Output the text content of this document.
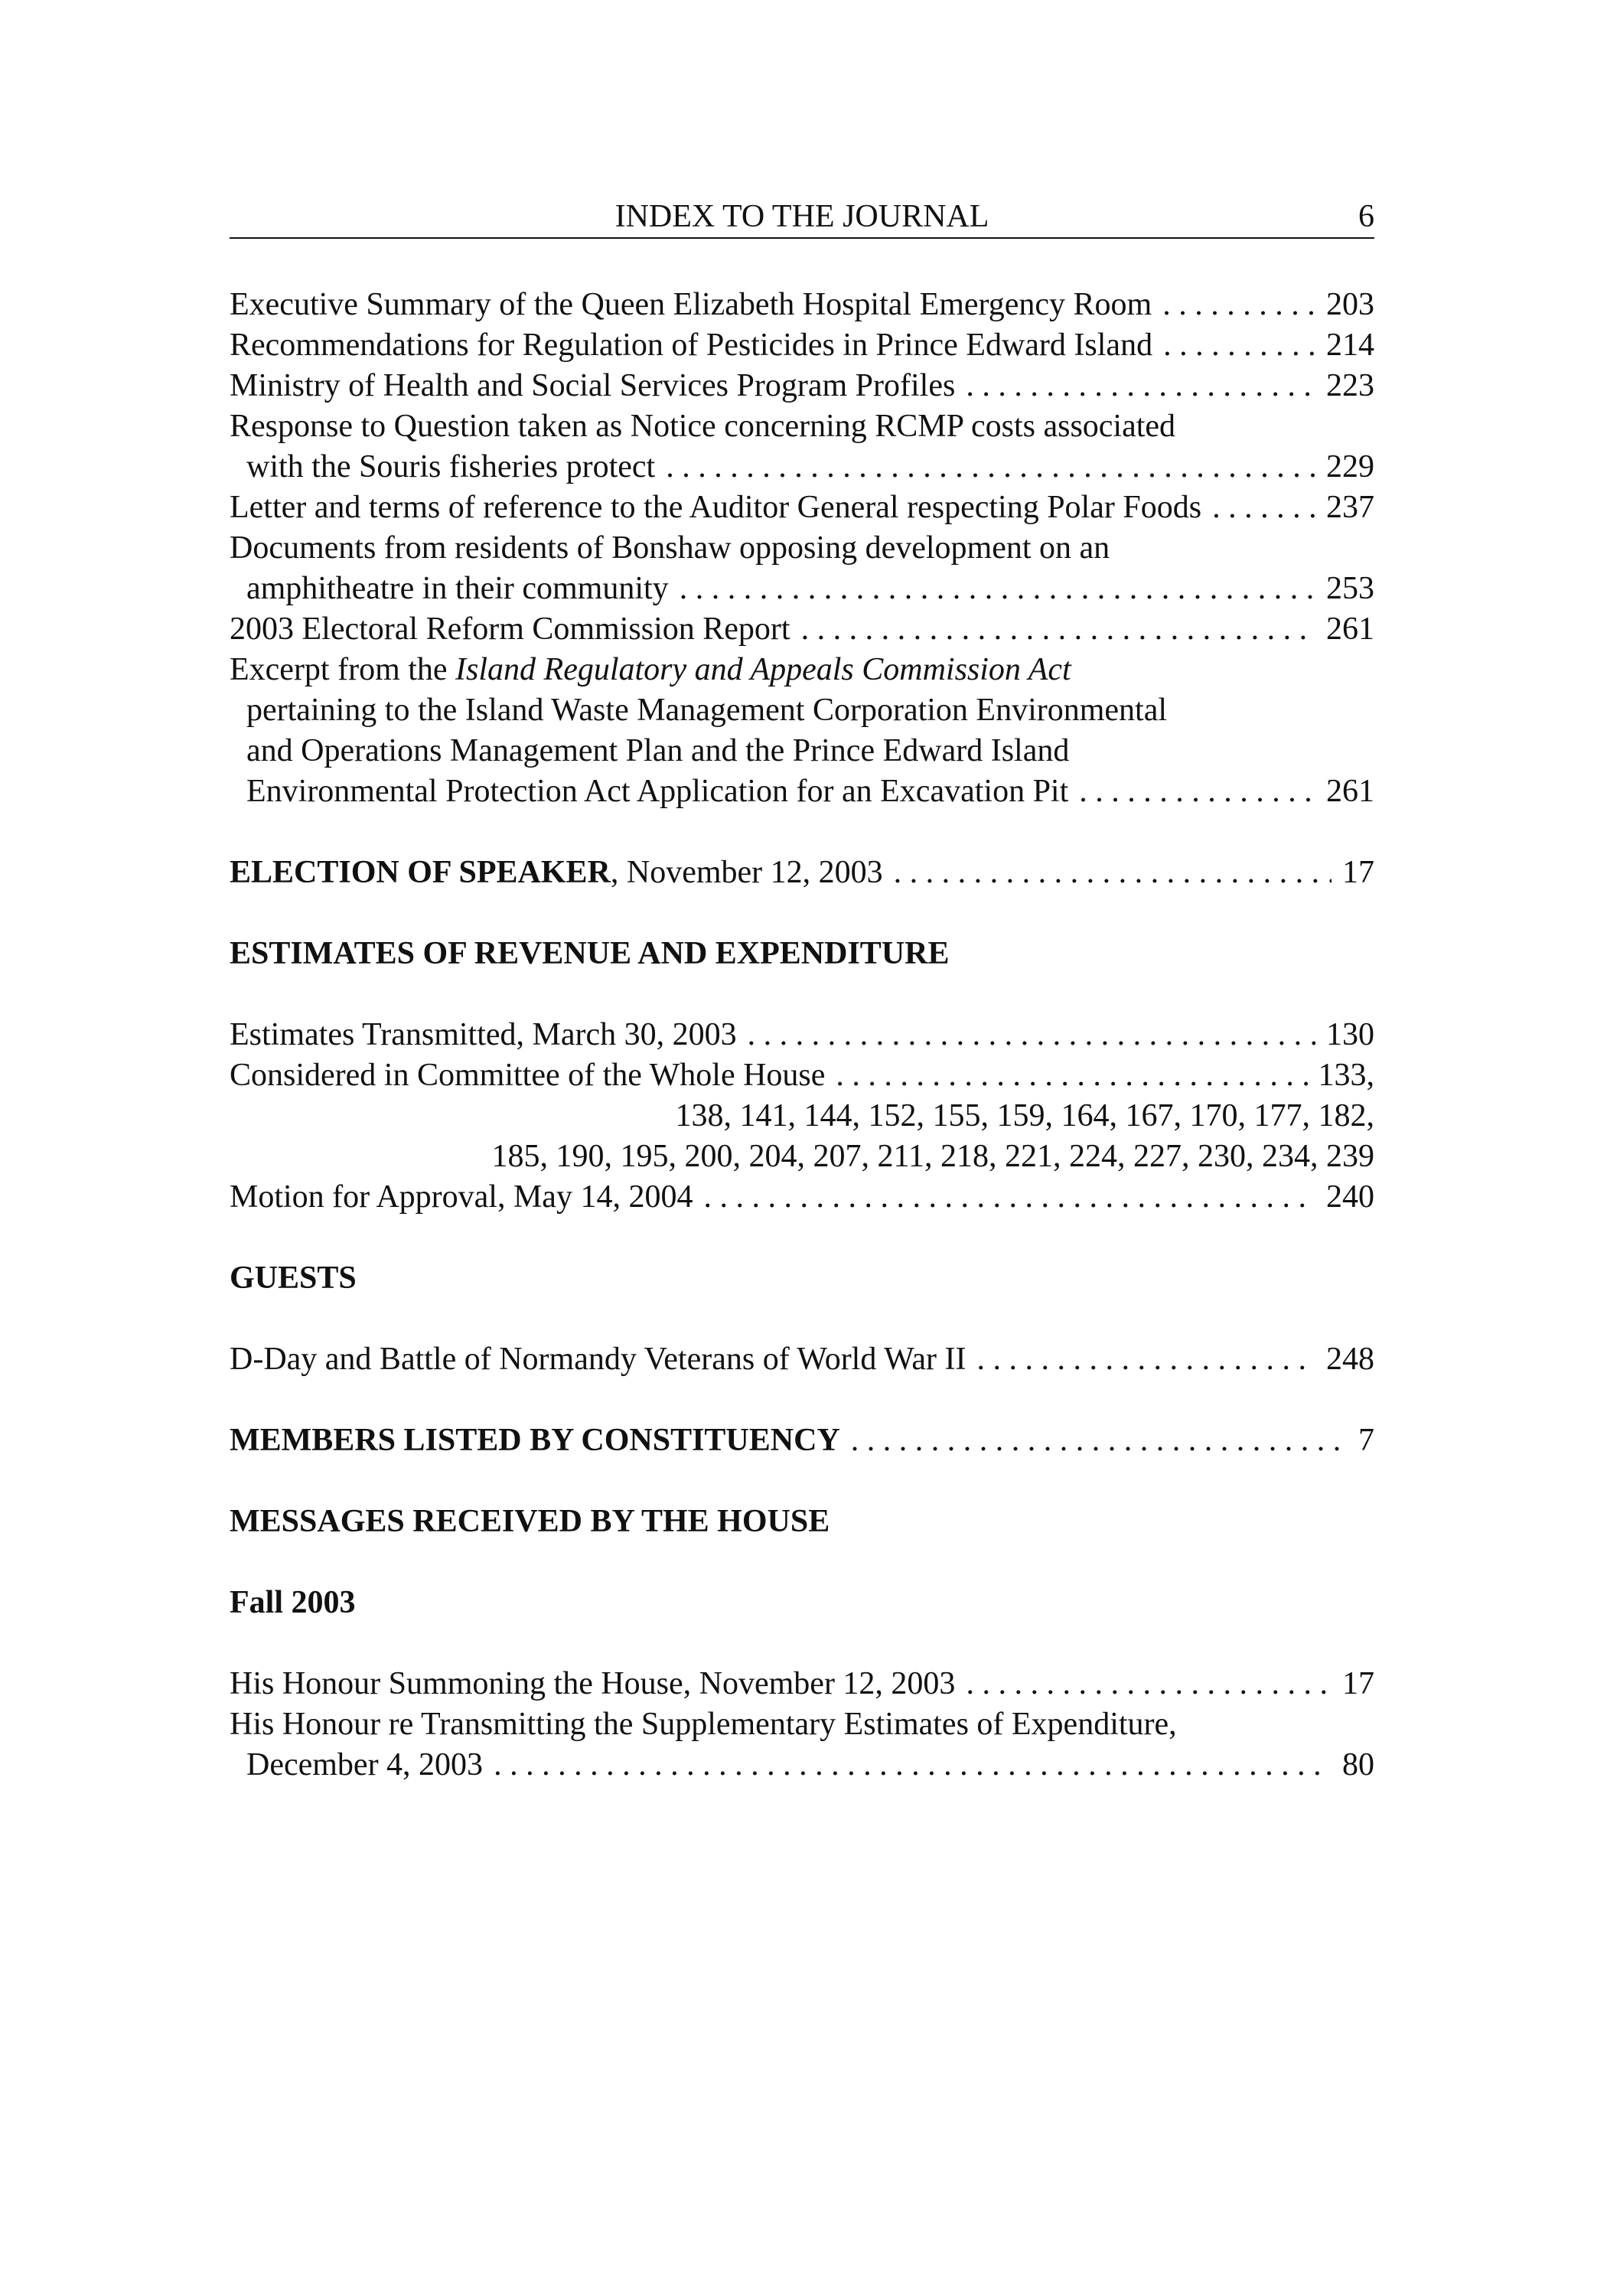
INDEX TO THE JOURNAL	6
Executive Summary of the Queen Elizabeth Hospital Emergency Room . . .	203
Recommendations for Regulation of Pesticides in Prince Edward Island . . .	214
Ministry of Health and Social Services Program Profiles . . .	223
Response to Question taken as Notice concerning RCMP costs associated
with the Souris fisheries protect . . .	229
Letter and terms of reference to the Auditor General respecting Polar Foods . . .	237
Documents from residents of Bonshaw opposing development on an
amphitheatre in their community . . .	253
2003 Electoral Reform Commission Report . . .	261
Excerpt from the Island Regulatory and Appeals Commission Act
pertaining to the Island Waste Management Corporation Environmental
and Operations Management Plan and the Prince Edward Island
Environmental Protection Act Application for an Excavation Pit . . .	261
ELECTION OF SPEAKER, November 12, 2003 . . .	17
ESTIMATES OF REVENUE AND EXPENDITURE
Estimates Transmitted, March 30, 2003 . . .	130
Considered in Committee of the Whole House . . .	133,
138, 141, 144, 152, 155, 159, 164, 167, 170, 177, 182,
185, 190, 195, 200, 204, 207, 211, 218, 221, 224, 227, 230, 234, 239
Motion for Approval, May 14, 2004 . . .	240
GUESTS
D-Day and Battle of Normandy Veterans of World War II . . .	248
MEMBERS LISTED BY CONSTITUENCY . . .	7
MESSAGES RECEIVED BY THE HOUSE
Fall 2003
His Honour Summoning the House, November 12, 2003 . . .	17
His Honour re Transmitting the Supplementary Estimates of Expenditure,
December 4, 2003 . . .	80
